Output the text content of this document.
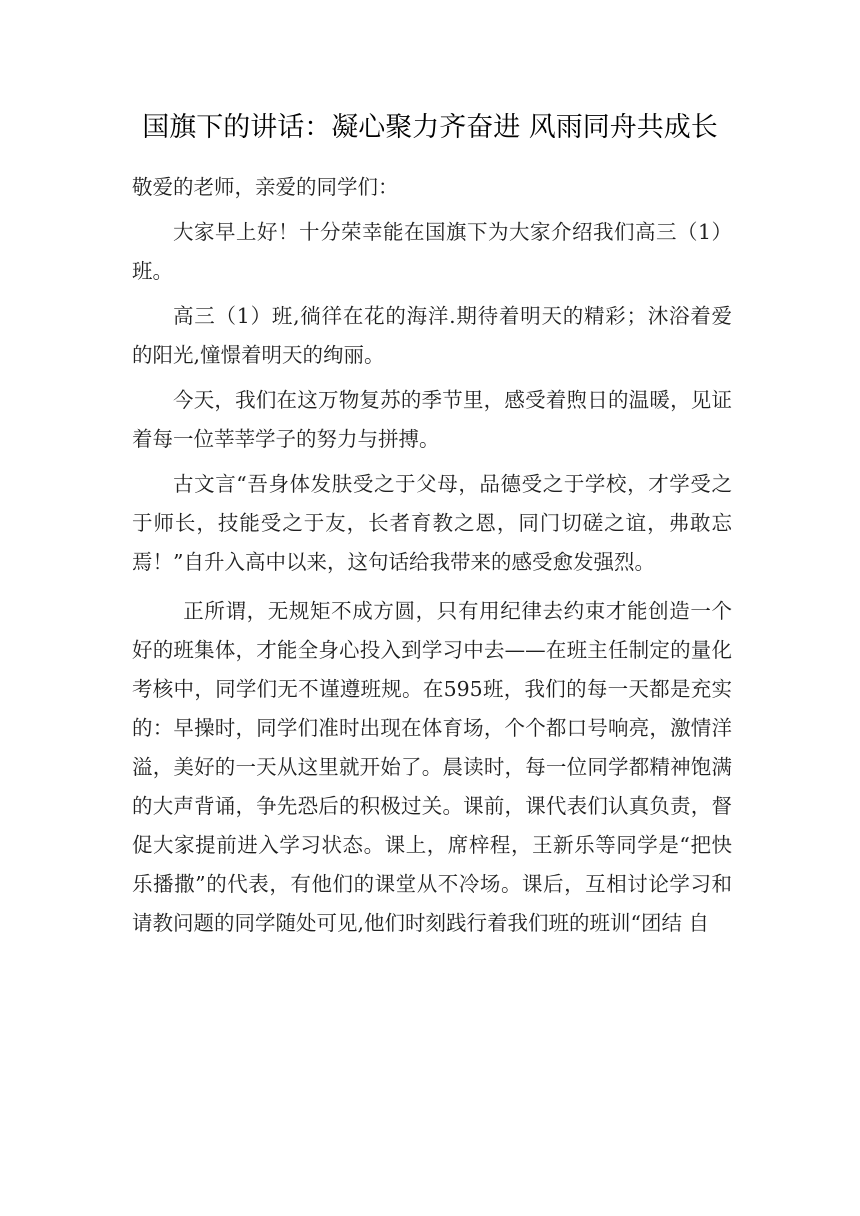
国旗下的讲话：凝心聚力齐奋进 风雨同舟共成长

敬爱的老师，亲爱的同学们：

大家早上好！十分荣幸能在国旗下为大家介绍我们高三（1）班。

高三（1）班,徜徉在花的海洋.期待着明天的精彩；沐浴着爱的阳光,憧憬着明天的绚丽。

今天，我们在这万物复苏的季节里，感受着煦日的温暖，见证着每一位莘莘学子的努力与拼搏。

古文言“吾身体发肤受之于父母，品德受之于学校，才学受之于师长，技能受之于友，长者育教之恩，同门切磋之谊，弗敢忘焉！”自升入高中以来，这句话给我带来的感受愈发强烈。

正所谓，无规矩不成方圆，只有用纪律去约束才能创造一个好的班集体，才能全身心投入到学习中去——在班主任制定的量化考核中，同学们无不谨遵班规。在595班，我们的每一天都是充实的：早操时，同学们准时出现在体育场，个个都口号响亮，激情洋溢，美好的一天从这里就开始了。晨读时，每一位同学都精神饱满的大声背诵，争先恐后的积极过关。课前，课代表们认真负责，督促大家提前进入学习状态。课上，席梓程，王新乐等同学是“把快乐播撒”的代表，有他们的课堂从不冷场。课后，互相讨论学习和请教问题的同学随处可见,他们时刻践行着我们班的班训“团结 自
